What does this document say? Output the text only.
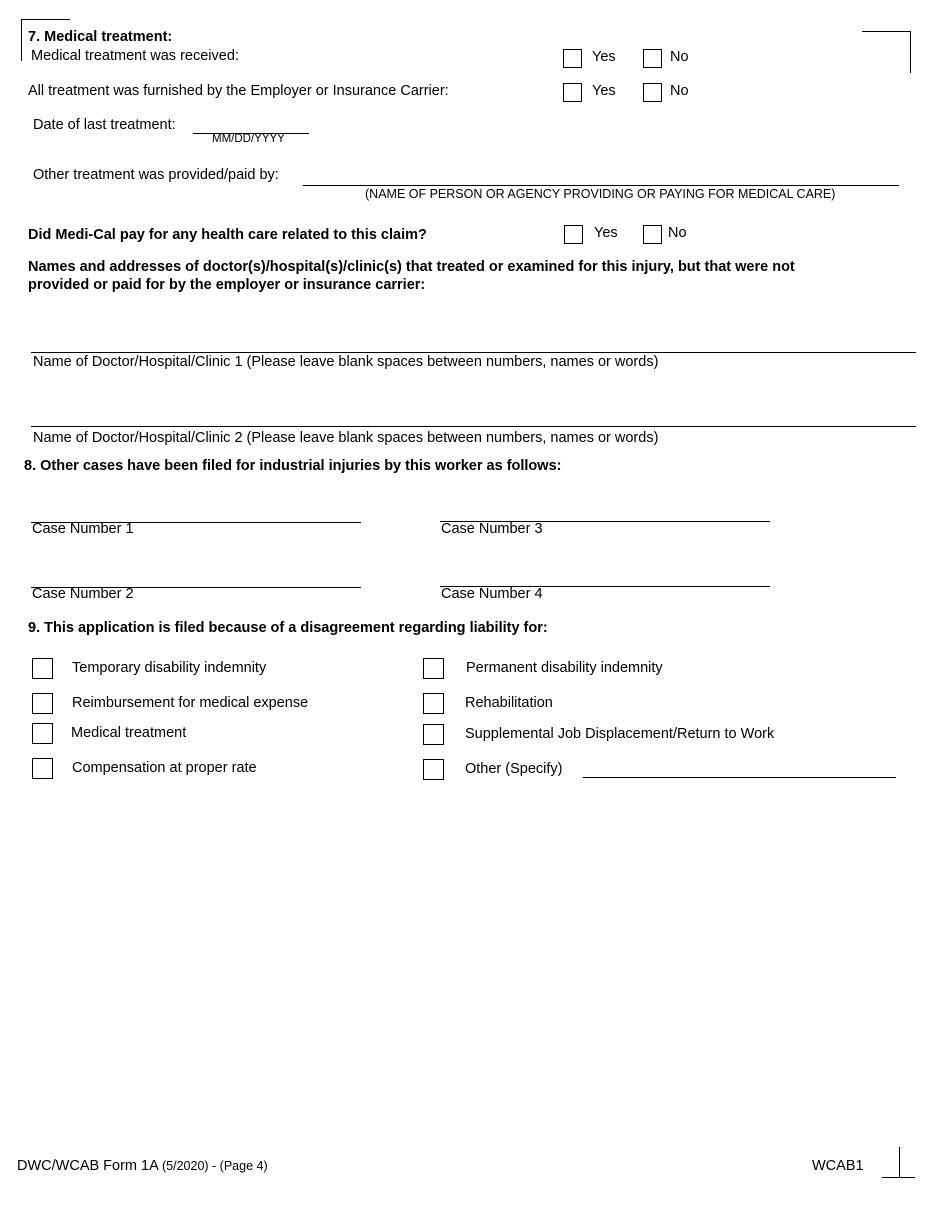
7. Medical treatment:
Medical treatment was received:	Yes	No
All treatment was furnished by the Employer or Insurance Carrier:	Yes	No
Date of last treatment:
MM/DD/YYYY
Other treatment was provided/paid by:
(NAME OF PERSON OR AGENCY PROVIDING OR PAYING FOR MEDICAL CARE)
Did Medi-Cal pay for any health care related to this claim?	Yes	No
Names and addresses of doctor(s)/hospital(s)/clinic(s) that treated or examined for this injury, but that were not
provided or paid for by the employer or insurance carrier:
Name of Doctor/Hospital/Clinic 1 (Please leave blank spaces between numbers, names or words)
Name of Doctor/Hospital/Clinic 2 (Please leave blank spaces between numbers, names or words)
8. Other cases have been filed for industrial injuries by this worker as follows:
Case Number 1	Case Number 3
Case Number 2	Case Number 4
9. This application is filed because of a disagreement regarding liability for:
Temporary disability indemnity	Permanent disability indemnity
Reimbursement for medical expense	Rehabilitation
Medical treatment	Supplemental Job Displacement/Return to Work
Compensation at proper rate	Other (Specify)
DWC/WCAB Form 1A (5/2020) - (Page 4)	WCAB1
